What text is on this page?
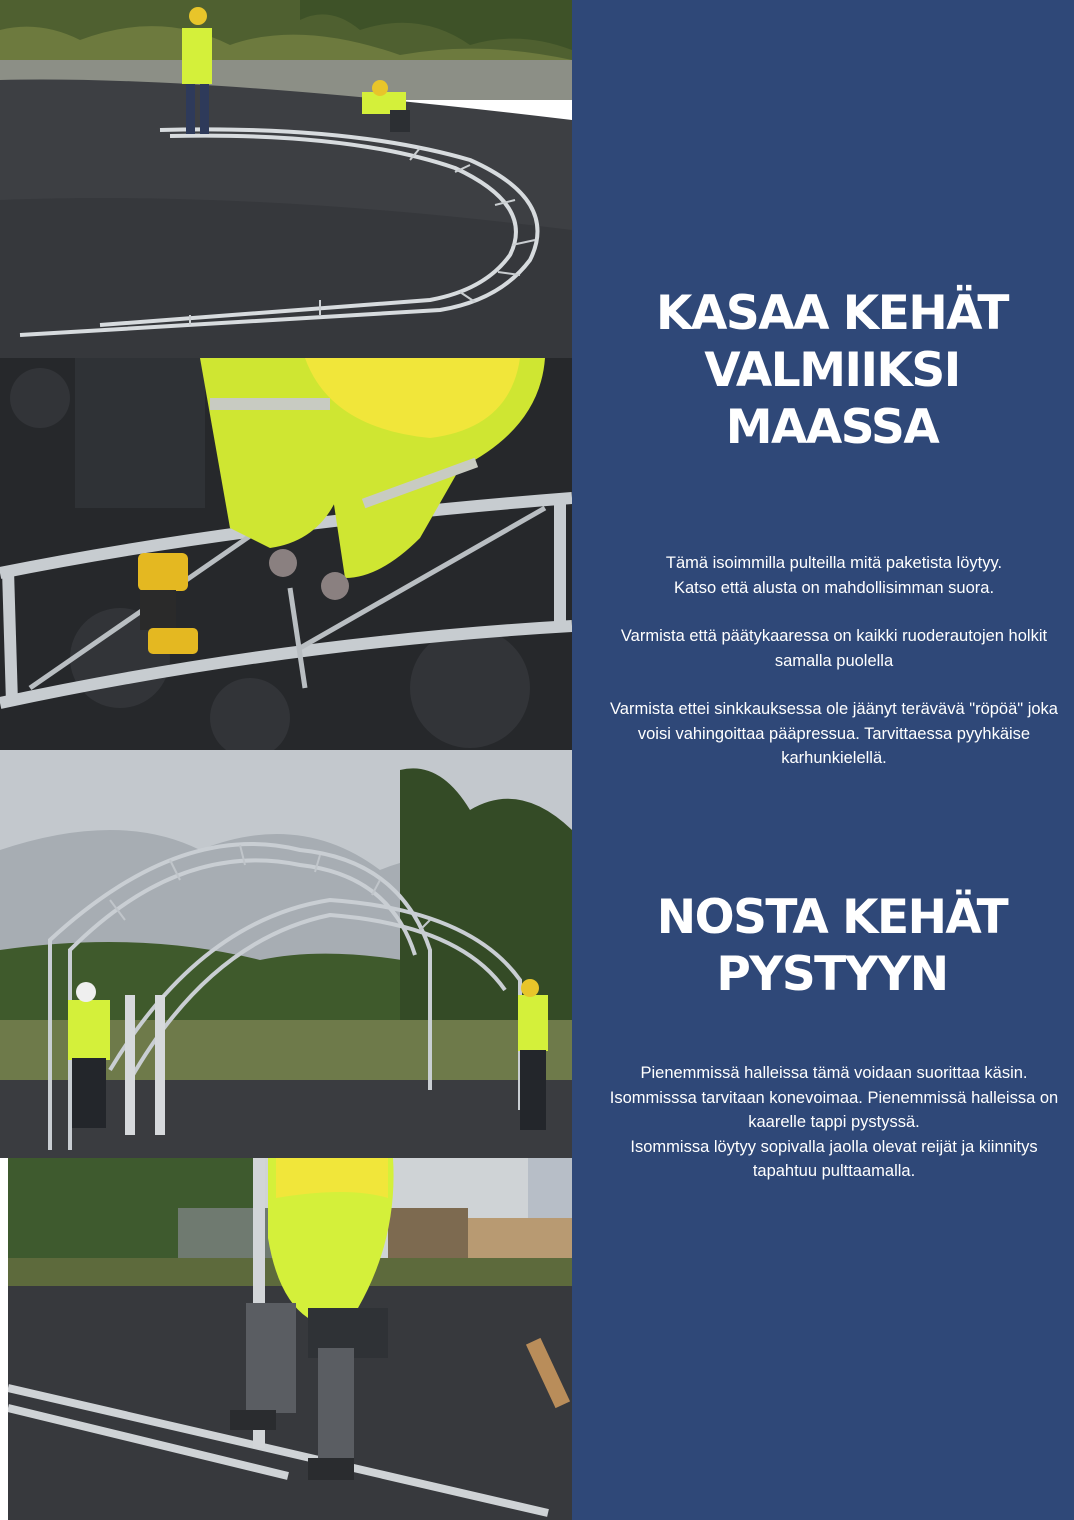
KASAA KEHÄT
VALMIIKSI
MAASSA

Tämä isoimmilla pulteilla mitä paketista löytyy.
Katso että alusta on mahdollisimman suora.

Varmista että päätykaaressa on kaikki ruoderautojen holkit
samalla puolella

Varmista ettei sinkkauksessa ole jäänyt terävävä "röpöä" joka
voisi vahingoittaa pääpressua. Tarvittaessa pyyhkäise
karhunkielellä.

NOSTA KEHÄT
PYSTYYN

Pienemmissä halleissa tämä voidaan suorittaa käsin.
Isommisssa tarvitaan konevoimaa. Pienemmissä halleissa on
kaarelle tappi pystyssä.
Isommissa löytyy sopivalla jaolla olevat reijät ja kiinnitys
tapahtuu pulttaamalla.
